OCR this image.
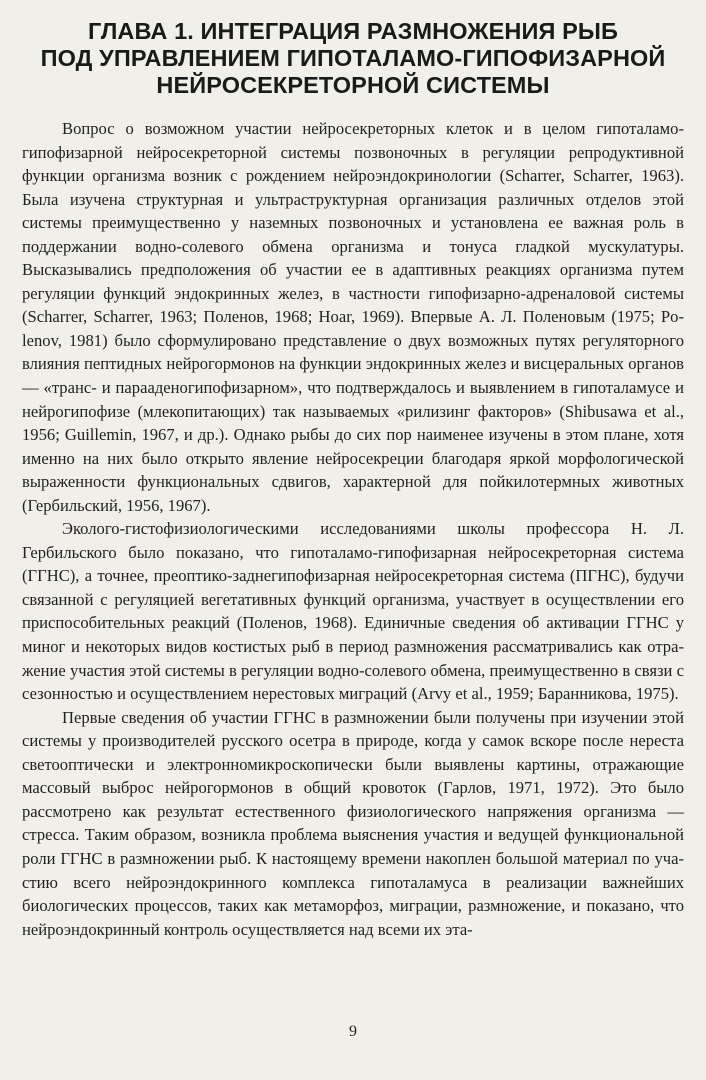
ГЛАВА 1. ИНТЕГРАЦИЯ РАЗМНОЖЕНИЯ РЫБ
ПОД УПРАВЛЕНИЕМ ГИПОТАЛАМО-ГИПОФИЗАРНОЙ
НЕЙРОСЕКРЕТОРНОЙ СИСТЕМЫ

Вопрос о возможном участии нейросекреторных клеток и в целом гипоталамо-гипофизарной нейросекреторной системы позвоночных в регуляции репродуктивной функции организма возник с рождением нейроэндокринологии (Scharrer, Scharrer, 1963). Была изучена структурная и ультраструктурная организация различных отделов этой системы преимущественно у наземных позвоночных и установлена ее важная роль в поддержании водно-солевого обмена организма и тонуса гладкой мускулатуры. Высказывались предположения об участии ее в адаптивных реакциях организма путем регуляции функций эндокринных желез, в частности гипофизарно-адреналовой системы (Scharrer, Scharrer, 1963; Поленов, 1968; Hoar, 1969). Впервые А. Л. Поленовым (1975; Polenov, 1981) было сформулировано представление о двух возможных путях регуляторного влияния пептидных нейрогормонов на функции эндокринных желез и висцеральных органов — «транс- и парааденогипофизарном», что подтверждалось и выявлением в гипоталамусе и нейрогипофизе (млекопитающих) так называемых «рилизинг факторов» (Shibusawa et al., 1956; Guillemin, 1967, и др.). Однако рыбы до сих пор наименее изучены в этом плане, хотя именно на них было открыто явление нейросекреции благодаря яркой морфологической выраженности функциональных сдвигов, характерной для пойкилотермных животных (Гербильский, 1956, 1967).

Эколого-гистофизиологическими исследованиями школы профессора Н. Л. Гербильского было показано, что гипоталамо-гипофизарная нейросекреторная система (ГГНС), а точнее, преоптико-заднегипофизарная нейросекреторная система (ПГНС), будучи связанной с регуляцией вегетативных функций организма, участвует в осуществлении его приспособительных реакций (Поленов, 1968). Единичные сведения об активации ГГНС у миног и некоторых видов костистых рыб в период размножения рассматривались как отражение участия этой системы в регуляции водно-солевого обмена, преимущественно в связи с сезонностью и осуществлением нерестовых миграций (Arvy et al., 1959; Баранникова, 1975).

Первые сведения об участии ГГНС в размножении были получены при изучении этой системы у производителей русского осетра в природе, когда у самок вскоре после нереста светооптически и электронномикроскопически были выявлены картины, отражающие массовый выброс нейрогормонов в общий кровоток (Гарлов, 1971, 1972). Это было рассмотрено как результат естественного физиологического напряжения организма — стресса. Таким образом, возникла проблема выяснения участия и ведущей функциональной роли ГГНС в размножении рыб. К настоящему времени накоплен большой материал по участию всего нейроэндокринного комплекса гипоталамуса в реализации важнейших биологических процессов, таких как метаморфоз, миграции, размножение, и показано, что нейроэндокринный контроль осуществляется над всеми их эта-

9
